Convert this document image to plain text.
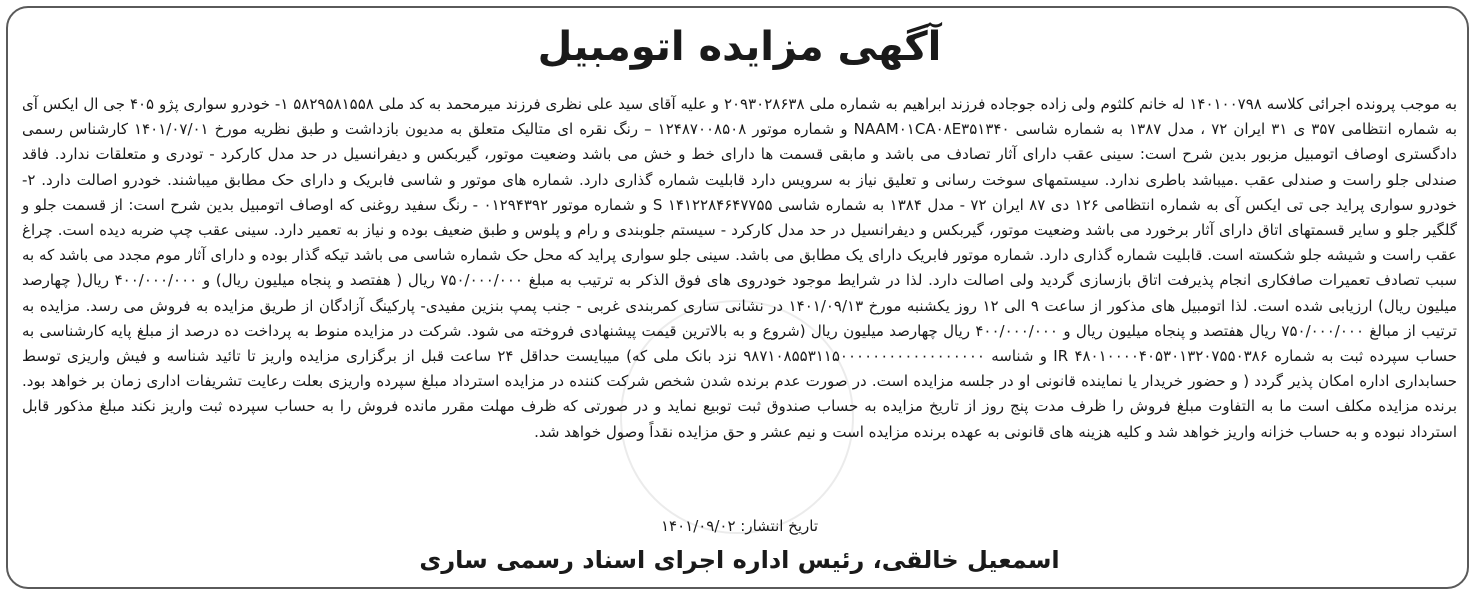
آگهی مزایده اتومبیل

به موجب پرونده اجرائی کلاسه ۱۴۰۱۰۰۷۹۸ له خانم کلثوم ولی زاده جوجاده فرزند ابراهیم به شماره ملی ۲۰۹۳۰۲۸۶۳۸ و علیه آقای سید علی نظری فرزند میرمحمد به کد ملی ۵۸۲۹۵۸۱۵۵۸ ۱- خودرو سواری پژو ۴۰۵ جی ال ایکس آی به شماره انتظامی ۳۵۷ ی ۳۱ ایران ۷۲ ، مدل ۱۳۸۷ به شماره شاسی NAAM۰۱CA۰۸E۳۵۱۳۴۰ و شماره موتور ۱۲۴۸۷۰۰۸۵۰۸ – رنگ نقره ای متالیک متعلق به مدیون بازداشت و طبق نظریه مورخ ۱۴۰۱/۰۷/۰۱ کارشناس رسمی دادگستری اوصاف اتومبیل مزبور بدین شرح است: سینی عقب دارای آثار تصادف می باشد و مابقی قسمت ها دارای خط و خش می باشد وضعیت موتور، گیربکس و دیفرانسیل در حد مدل کارکرد - تودری و متعلقات ندارد. فاقد صندلی جلو راست و صندلی عقب .میباشد باطری ندارد. سیستمهای سوخت رسانی و تعلیق نیاز به سرویس دارد قابلیت شماره گذاری دارد. شماره های موتور و شاسی فابریک و دارای حک مطابق میباشند. خودرو اصالت دارد. ۲- خودرو سواری پراید جی تی ایکس آی به شماره انتظامی ۱۲۶ دی ۸۷ ایران ۷۲ - مدل ۱۳۸۴ به شماره شاسی S ۱۴۱۲۲۸۴۶۴۷۷۵۵ و شماره موتور ۰۱۲۹۴۳۹۲ - رنگ سفید روغنی که اوصاف اتومبیل بدین شرح است: از قسمت جلو و گلگیر جلو و سایر قسمتهای اتاق دارای آثار برخورد می باشد وضعیت موتور، گیربکس و دیفرانسیل در حد مدل کارکرد - سیستم جلوبندی و رام و پلوس و طبق ضعیف بوده و نیاز به تعمیر دارد. سینی عقب چپ ضربه دیده است. چراغ عقب راست و شیشه جلو شکسته است. قابلیت شماره گذاری دارد. شماره موتور فابریک دارای یک مطابق می باشد. سینی جلو سواری پراید که محل حک شماره شاسی می باشد تیکه گذار بوده و دارای آثار موم مجدد می باشد که به سبب تصادف تعمیرات صافکاری انجام پذیرفت اتاق بازسازی گردید ولی اصالت دارد. لذا در شرایط موجود خودروی های فوق الذکر به ترتیب به مبلغ ۷۵۰/۰۰۰/۰۰۰ ریال ( هفتصد و پنجاه میلیون ریال) و ۴۰۰/۰۰۰/۰۰۰ ریال( چهارصد میلیون ریال) ارزیابی شده است. لذا اتومبیل های مذکور از ساعت ۹ الی ۱۲ روز یکشنبه مورخ ۱۴۰۱/۰۹/۱۳ در نشانی ساری کمربندی غربی - جنب پمپ بنزین مفیدی- پارکینگ آزادگان از طریق مزایده به فروش می رسد. مزایده به ترتیب از مبالغ ۷۵۰/۰۰۰/۰۰۰ ریال هفتصد و پنجاه میلیون ریال و ۴۰۰/۰۰۰/۰۰۰ ریال چهارصد میلیون ریال (شروع و به بالاترین قیمت پیشنهادی فروخته می شود. شرکت در مزایده منوط به پرداخت ده درصد از مبلغ پایه کارشناسی به حساب سپرده ثبت به شماره ۴۸۰۱۰۰۰۰۴۰۵۳۰۱۳۲۰۷۵۵۰۳۸۶ IR و شناسه ۹۸۷۱۰۸۵۵۳۱۱۵۰۰۰۰۰۰۰۰۰۰۰۰۰۰۰۰۰۰ نزد بانک ملی که) میبایست حداقل ۲۴ ساعت قبل از برگزاری مزایده واریز تا تائید شناسه و فیش واریزی توسط حسابداری اداره امکان پذیر گردد ( و حضور خریدار یا نماینده قانونی او در جلسه مزایده است. در صورت عدم برنده شدن شخص شرکت کننده در مزایده استرداد مبلغ سپرده واریزی بعلت رعایت تشریفات اداری زمان بر خواهد بود. برنده مزایده مکلف است ما به التفاوت مبلغ فروش را ظرف مدت پنج روز از تاریخ مزایده به حساب صندوق ثبت توبیع نماید و در صورتی که ظرف مهلت مقرر مانده فروش را به حساب سپرده ثبت واریز نکند مبلغ مذکور قابل استرداد نبوده و به حساب خزانه واریز خواهد شد و کلیه هزینه های قانونی به عهده برنده مزایده است و نیم عشر و حق مزایده نقداً وصول خواهد شد.

تاریخ انتشار: ۱۴۰۱/۰۹/۰۲
اسمعیل خالقی، رئیس اداره اجرای اسناد رسمی ساری
